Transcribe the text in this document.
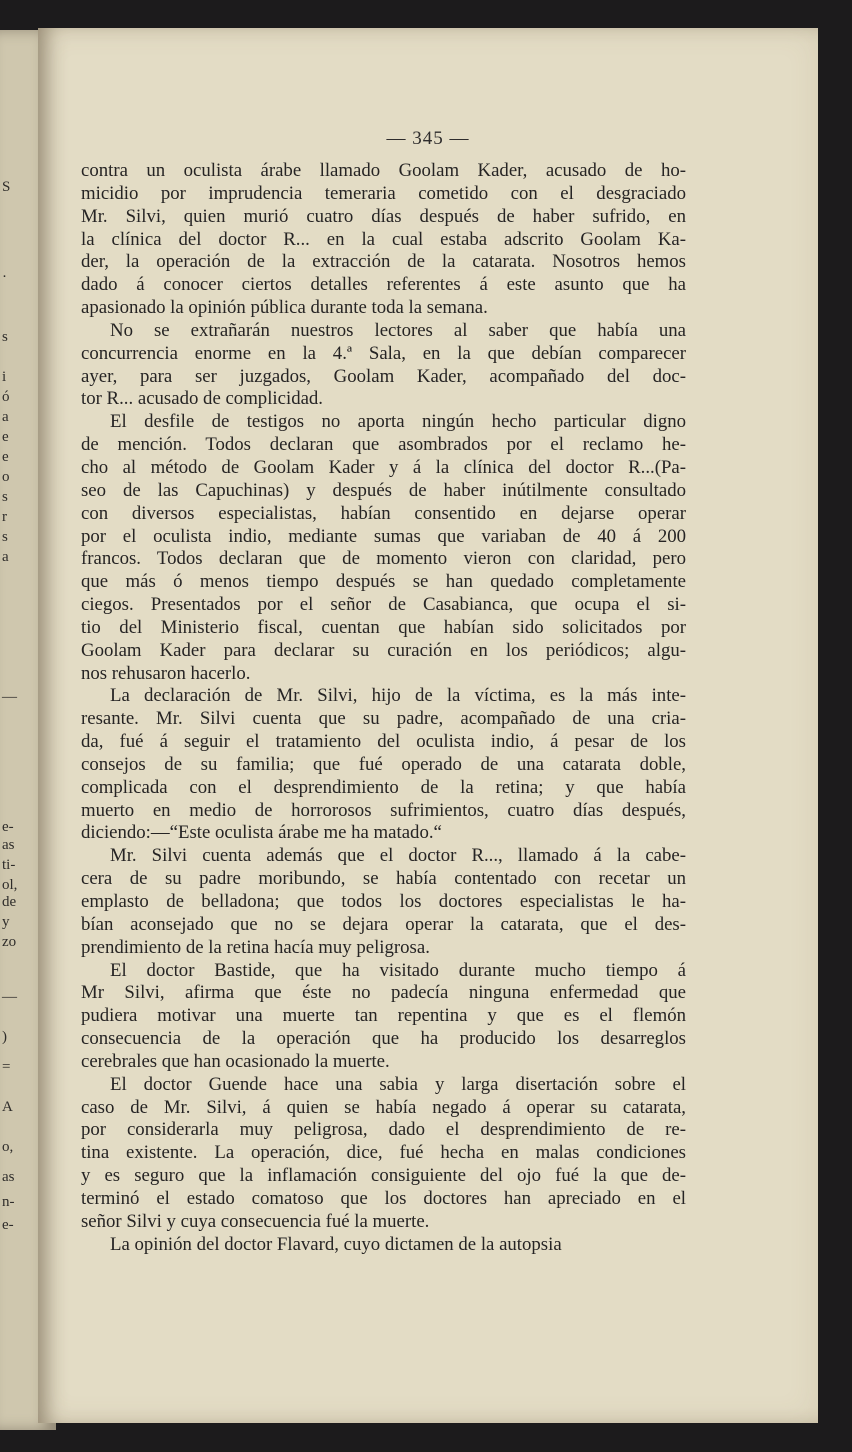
S
·
s
i
ó
a
e
e
o
s
r
s
a
—
e-
as
ti-
ol,
de
y
zo
—
)
=
A
o,
as
n-
e-
— 345 —

contra un oculista árabe llamado Goolam Kader, acusado de ho-
micidio por imprudencia temeraria cometido con el desgraciado
Mr. Silvi, quien murió cuatro días después de haber sufrido, en
la clínica del doctor R... en la cual estaba adscrito Goolam Ka-
der, la operación de la extracción de la catarata. Nosotros hemos
dado á conocer ciertos detalles referentes á este asunto que ha
apasionado la opinión pública durante toda la semana.

No se extrañarán nuestros lectores al saber que había una
concurrencia enorme en la 4.ª Sala, en la que debían comparecer
ayer, para ser juzgados, Goolam Kader, acompañado del doc-
tor R... acusado de complicidad.

El desfile de testigos no aporta ningún hecho particular digno
de mención. Todos declaran que asombrados por el reclamo he-
cho al método de Goolam Kader y á la clínica del doctor R...(Pa-
seo de las Capuchinas) y después de haber inútilmente consultado
con diversos especialistas, habían consentido en dejarse operar
por el oculista indio, mediante sumas que variaban de 40 á 200
francos. Todos declaran que de momento vieron con claridad, pero
que más ó menos tiempo después se han quedado completamente
ciegos. Presentados por el señor de Casabianca, que ocupa el si-
tio del Ministerio fiscal, cuentan que habían sido solicitados por
Goolam Kader para declarar su curación en los periódicos; algu-
nos rehusaron hacerlo.

La declaración de Mr. Silvi, hijo de la víctima, es la más inte-
resante. Mr. Silvi cuenta que su padre, acompañado de una cria-
da, fué á seguir el tratamiento del oculista indio, á pesar de los
consejos de su familia; que fué operado de una catarata doble,
complicada con el desprendimiento de la retina; y que había
muerto en medio de horrorosos sufrimientos, cuatro días después,
diciendo:—“Este oculista árabe me ha matado.“

Mr. Silvi cuenta además que el doctor R..., llamado á la cabe-
cera de su padre moribundo, se había contentado con recetar un
emplasto de belladona; que todos los doctores especialistas le ha-
bían aconsejado que no se dejara operar la catarata, que el des-
prendimiento de la retina hacía muy peligrosa.

El doctor Bastide, que ha visitado durante mucho tiempo á
Mr Silvi, afirma que éste no padecía ninguna enfermedad que
pudiera motivar una muerte tan repentina y que es el flemón
consecuencia de la operación que ha producido los desarreglos
cerebrales que han ocasionado la muerte.

El doctor Guende hace una sabia y larga disertación sobre el
caso de Mr. Silvi, á quien se había negado á operar su catarata,
por considerarla muy peligrosa, dado el desprendimiento de re-
tina existente. La operación, dice, fué hecha en malas condiciones
y es seguro que la inflamación consiguiente del ojo fué la que de-
terminó el estado comatoso que los doctores han apreciado en el
señor Silvi y cuya consecuencia fué la muerte.

La opinión del doctor Flavard, cuyo dictamen de la autopsia
